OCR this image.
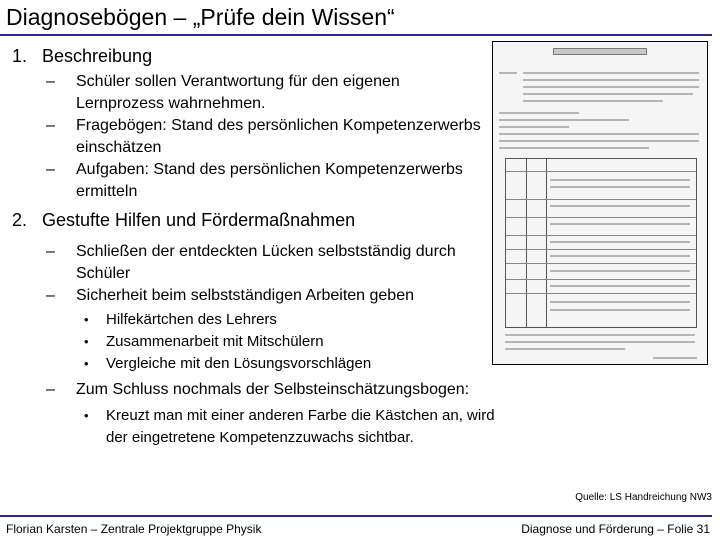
Diagnosebögen – „Prüfe dein Wissen“
1. Beschreibung
–	Schüler sollen Verantwortung für den eigenen Lernprozess wahrnehmen.
–	Fragebögen: Stand des persönlichen Kompetenzerwerbs einschätzen
–	Aufgaben: Stand des persönlichen Kompetenzerwerbs ermitteln
2. Gestufte Hilfen und Fördermaßnahmen
–	Schließen der entdeckten Lücken selbstständig durch Schüler
–	Sicherheit beim selbstständigen Arbeiten geben
•	Hilfekärtchen des Lehrers
•	Zusammenarbeit mit Mitschülern
•	Vergleiche mit den Lösungsvorschlägen
–	Zum Schluss nochmals der Selbsteinschätzungsbogen:
•	Kreuzt man mit einer anderen Farbe die Kästchen an, wird der eingetretene Kompetenzzuwachs sichtbar.
Quelle: LS Handreichung NW3
Florian Karsten – Zentrale Projektgruppe Physik	Diagnose und Förderung – Folie 31
